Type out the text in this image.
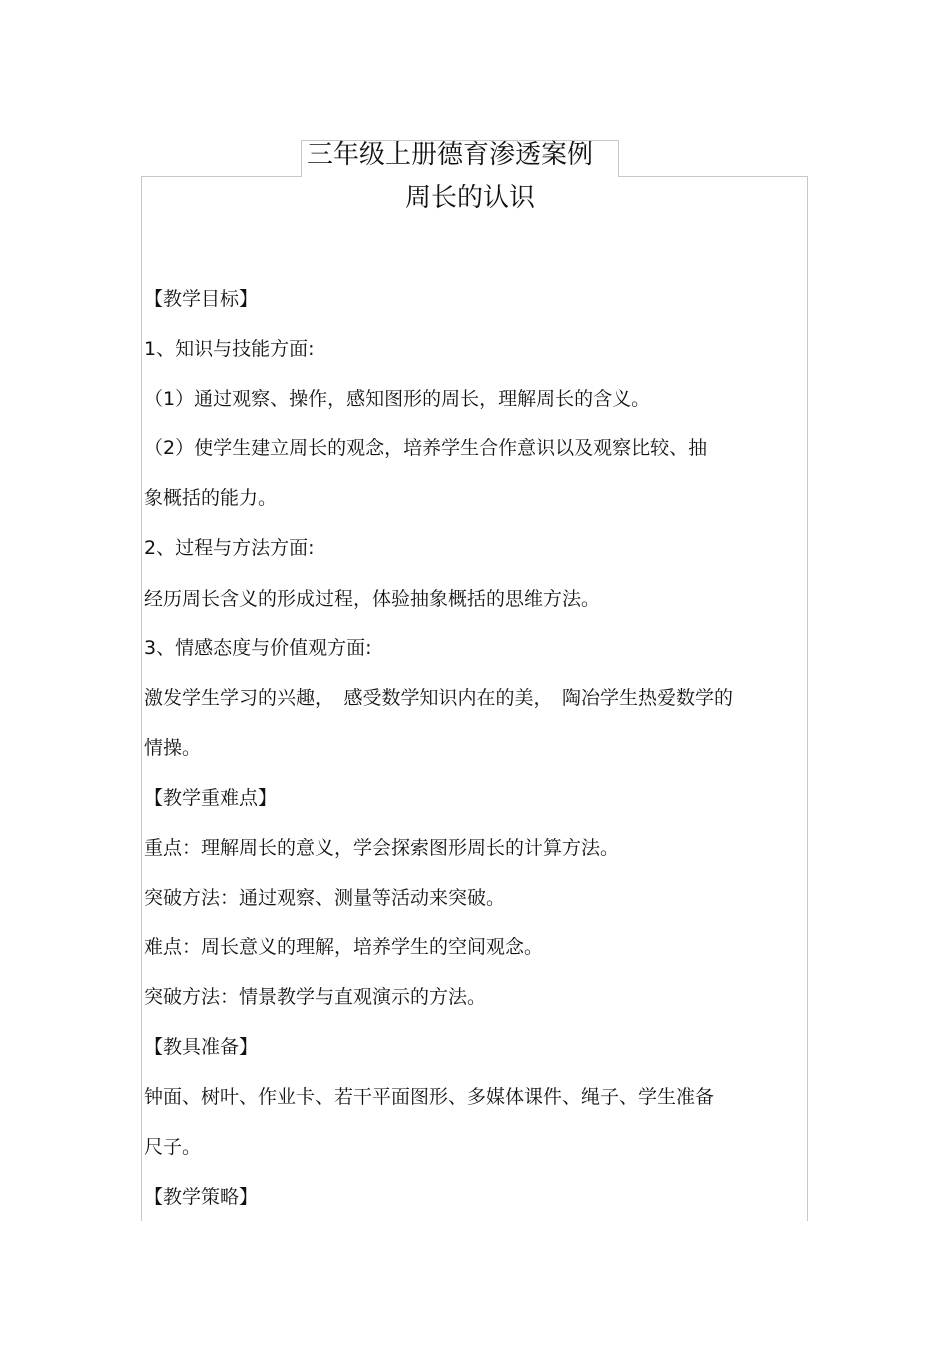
三年级上册德育渗透案例
周长的认识
【教学目标】
1、知识与技能方面:
（1）通过观察、操作，感知图形的周长，理解周长的含义。
（2）使学生建立周长的观念，培养学生合作意识以及观察比较、抽
象概括的能力。
2、过程与方法方面:
经历周长含义的形成过程，体验抽象概括的思维方法。
3、情感态度与价值观方面:
激发学生学习的兴趣，　感受数学知识内在的美，　陶冶学生热爱数学的
情操。
【教学重难点】
重点：理解周长的意义，学会探索图形周长的计算方法。
突破方法：通过观察、测量等活动来突破。
难点：周长意义的理解，培养学生的空间观念。
突破方法：情景教学与直观演示的方法。
【教具准备】
钟面、树叶、作业卡、若干平面图形、多媒体课件、绳子、学生准备
尺子。
【教学策略】
